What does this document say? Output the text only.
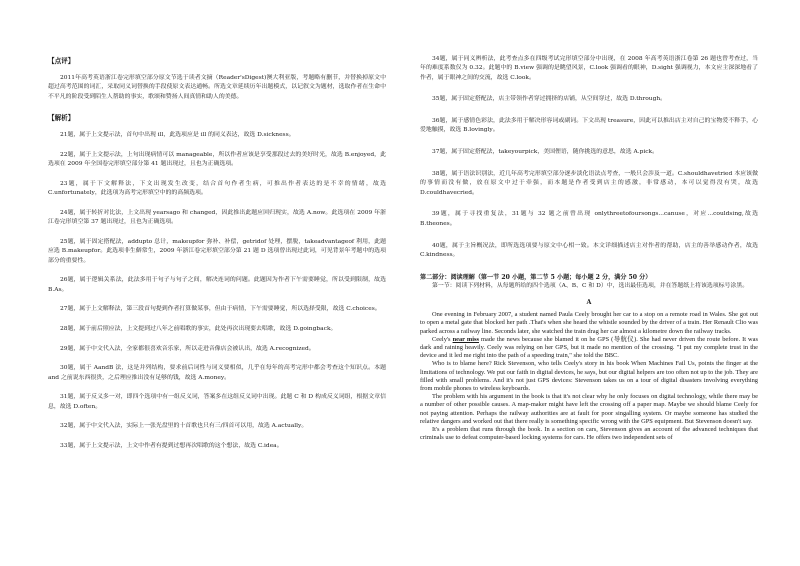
【点评】

2011年高考英语浙江卷完形填空部分原文节选于读者文摘（Reader'sDigest)澳大利亚版，考题略有删节，并替换掉原文中超过高考范围的词汇，采取同义词替换的手段使原文表达通畅。所选文章延续历年出题模式，以记叙文为题材，选取作者在生命中不平凡的阶段受到陌生人帮助的事实，歌颂和赞扬人间真情和助人的美德。

【解析】

21题，属于上文提示法，首句中出现 ill，此选项应是 ill 的同义表达，故选 D.sickness。

22题，属于上文提示法，上句出现病情可以 manageable，所以作者应该是享受那段过去的美好时光，故选 B.enjoyed，此选项在 2009 年全国卷完形填空部分第 41 题出现过，且也为正确选项。

23题，属于下文解释法，下文出现发生改变，结合首句作者生病，可推出作者表达的是不幸的情绪，故选 C.unfortunately，此选项为高考完形填空中的的高频选项。

24题，属于转折对比法，上文出现 yearsago 和 changed，因此推出此题应回归现实，故选 A.now。此选项在 2009 年浙江卷完形填空第 37 题出现过，且也为正确选项。

25题，属于固定搭配法，addupto 总计，makeupfor 弥补、补偿，getridof 处理，摆脱，takeadvantageof 利用，此题应选 B.makeupfor。此选项非生僻常生，2009 年浙江卷完形填空部分第 21 题 D 选项曾出现过此词，可见背景年考题中的选项部分的重要性。

26题，属于逻辑关系法，此法多用于句子与句子之间，解决连词的问题。此题因为作者下午需要睡觉，所以受到限制，故选 B.As。

27题，属于上文解释法，第三段首句提到作者打算做某事，但由于病情，下午需要睡觉，所以选择受限，故选 C.choices。

28题，属于前后照应法，上文提到过八年之前唱歌的事实，此处再次出现要去唱歌，故选 D.goingback。

29题，属于中文代入法，全家都很喜欢音乐家，所以走进音像店会被认出，故选 A.recognized。

30题，属于 AandB 法，这是并列结构，要求前后词性与词义要相似，几乎在每年的高考完形中都会考查这个知识点。本题 and 之前说东西很贵，之后理应推出没有足够的钱，故选 A.money。

31题，属于反义多一对，即四个选项中有一组反义词，答案多在这组反义词中出现。此题 C 和 D 构成反义词组，根据文章信息，故选 D.often。

32题，属于中文代入法，实际上一张光盘里的十首歌也只有三/四首可以用，故选 A.actually。

33题，属于上文提示法，上文中作者有提到过想再次唱歌的这个想法，故选 C.idea。

34题，属于同义辨析法，此考查点多在四级考试完形填空部分中出现，在 2008 年高考英语浙江卷第 26 题也曾考查过，当年的难度系数仅为 0.32。此题中的 B.view 强调的是眺望风景，C.look 强调看的眼神，D.sight 强调视力，本文应主深深地看了作者，属于眼神之间的交流，故选 C.look。

35题，属于固定搭配法，店主带领作者穿过拥挤的店铺，从空间穿过，故选 D.through。

36题，属于感情色彩法，此法多用于解决形容词或副词。下文出现 treasure，因此可以推出店主对自己的宝物爱不释手，心爱地触摸，故选 B.lovingly。

37题，属于固定搭配法，takeyourpick，美国俚语，随你挑选的意思，故选 A.pick。

38题，属于语法识别法，近几年高考完形填空部分逐步淡化语法点考查，一般只会涉及一道。C.shouldhavetried 本应该做的事情而没有做，放在原文中过于牵强，而本题是作者受到店主的感激，非常感动，本可以觉得没有哭，故选 D.couldhavecried。

39题，属于寻找重复法，31题与 32 题之前曾出现 onlythreetofoursongs...canuse，对应...couldsing,故选 B.theones。

40题，属于主旨概况法，即所选选项要与原文中心相一致。本文详细描述店主对作者的帮助，店主的善举感动作者，故选 C.kindness。

第二部分：阅读理解（第一节 20 小题，第二节 5 小题；每小题 2 分，满分 50 分）

第一节：阅读下列材料，从每题所给的四个选项（A、B、C 和 D）中，选出最佳选项，并在答题纸上将该选项标号涂黑。

A

One evening in February 2007, a student named Paula Ceely brought her car to a stop on a remote road in Wales. She got out to open a metal gate that blocked her path .That's when she heard the whistle sounded by the driver of a train. Her Renault Clio was parked across a railway line. Seconds later, she watched the train drag her car almost a kilometre down the railway tracks.

Ceely's near miss made the news because she blamed it on he GPS (导航仪). She had never driven the route before. It was dark and raining heavily. Ceely was relying on her GPS, but it made no mention of the crossing. "I put my complete trust in the device and it led me right into the path of a speeding train," she told the BBC.

Who is to blame here? Rick Stevenson, who tells Ceely's story in his book When Machines Fail Us, points the finger at the limitations of technology. We put our faith in digital devices, he says, but our digital helpers are too often not up to the job. They are filled with small problems. And it's not just GPS devices: Stevenson takes us on a tour of digital disasters involving everything from mobile phones to wireless keyboards.

The problem with his argument in the book is that it's not clear why he only focuses on digital technology, while there may be a number of other possible causes. A map-maker might have left the crossing off a paper map. Maybe we should blame Ceely for not paying attention. Perhaps the railway authorities are at fault for poor singalling system. Or maybe someone has studied the relative dangers and worked out that there really is something specific wrong with the GPS equipment. But Stevenson doesn't say.

It's a problem that runs through the book. In a section on cars, Stevenson gives an account of the advanced techniques that criminals use to defeat computer-based locking systems for cars. He offers two independent sets of
